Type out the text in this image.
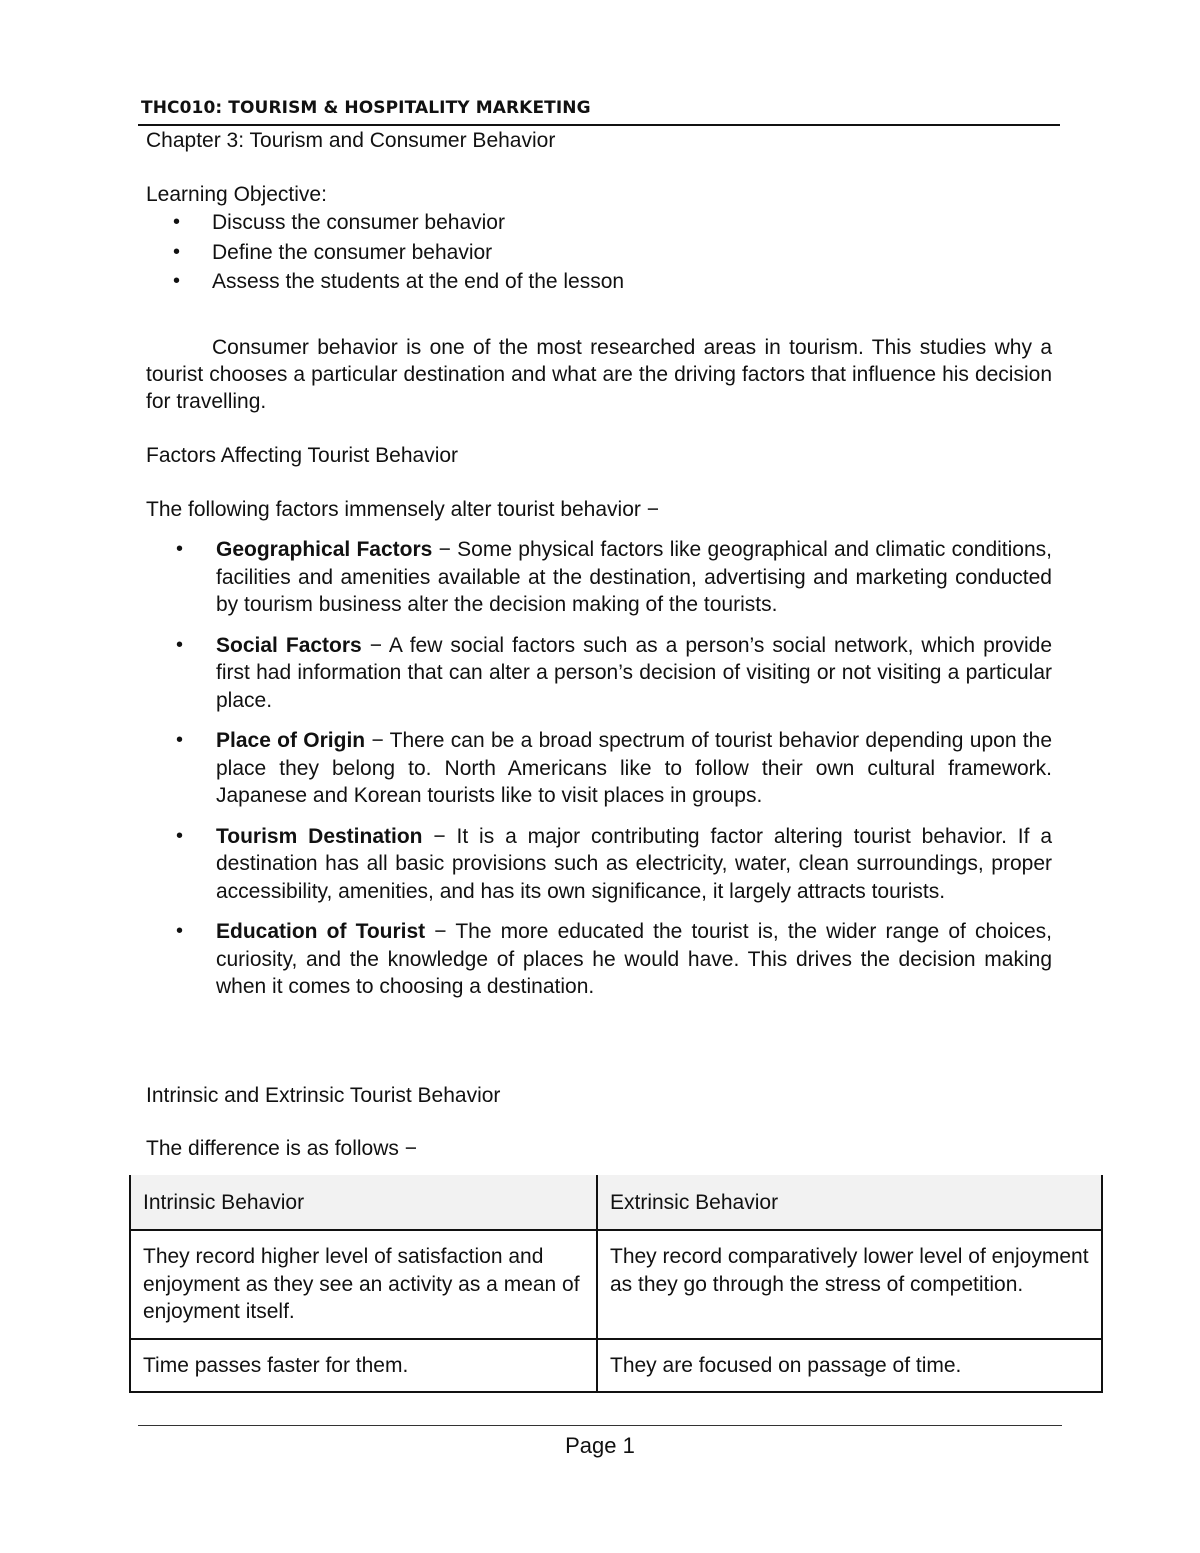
THC010: TOURISM & HOSPITALITY MARKETING
Chapter 3: Tourism and Consumer Behavior
Learning Objective:
• Discuss the consumer behavior
• Define the consumer behavior
• Assess the students at the end of the lesson

Consumer behavior is one of the most researched areas in tourism. This studies why a tourist chooses a particular destination and what are the driving factors that influence his decision for travelling.

Factors Affecting Tourist Behavior
The following factors immensely alter tourist behavior −
• Geographical Factors − Some physical factors like geographical and climatic conditions, facilities and amenities available at the destination, advertising and marketing conducted by tourism business alter the decision making of the tourists.
• Social Factors − A few social factors such as a person’s social network, which provide first had information that can alter a person’s decision of visiting or not visiting a particular place.
• Place of Origin − There can be a broad spectrum of tourist behavior depending upon the place they belong to. North Americans like to follow their own cultural framework. Japanese and Korean tourists like to visit places in groups.
• Tourism Destination − It is a major contributing factor altering tourist behavior. If a destination has all basic provisions such as electricity, water, clean surroundings, proper accessibility, amenities, and has its own significance, it largely attracts tourists.
• Education of Tourist − The more educated the tourist is, the wider range of choices, curiosity, and the knowledge of places he would have. This drives the decision making when it comes to choosing a destination.
Intrinsic and Extrinsic Tourist Behavior
The difference is as follows −
Intrinsic Behavior	Extrinsic Behavior
They record higher level of satisfaction and enjoyment as they see an activity as a mean of enjoyment itself.	They record comparatively lower level of enjoyment as they go through the stress of competition.
Time passes faster for them.	They are focused on passage of time.
Page 1
